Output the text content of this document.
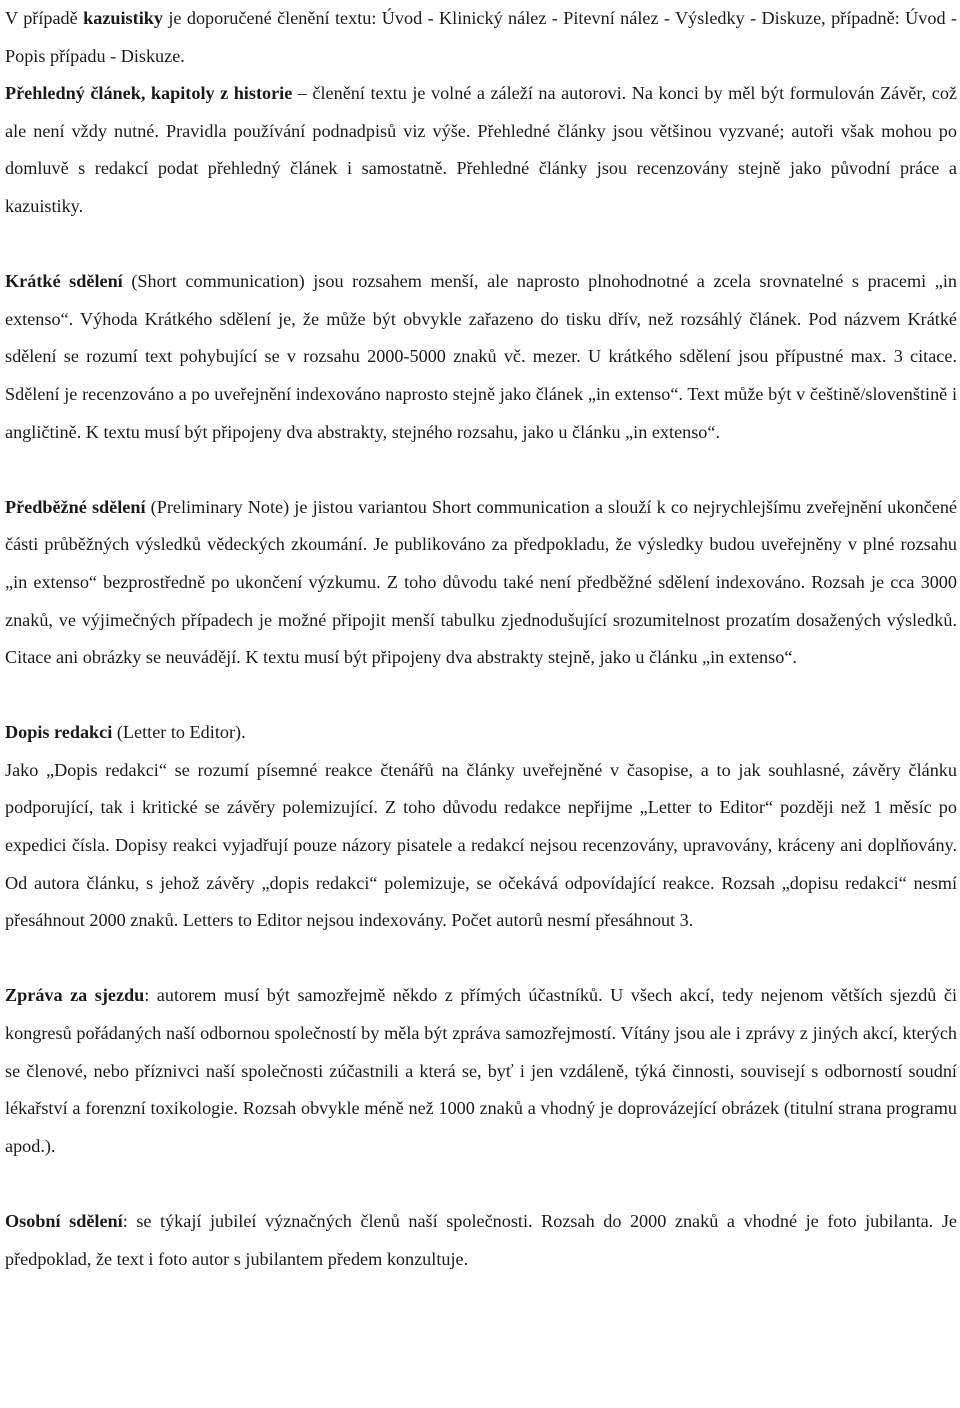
V případě kazuistiky je doporučené členění textu: Úvod - Klinický nález - Pitevní nález - Výsledky - Diskuze, případně: Úvod - Popis případu - Diskuze.

Přehledný článek, kapitoly z historie – členění textu je volné a záleží na autorovi. Na konci by měl být formulován Závěr, což ale není vždy nutné. Pravidla používání podnadpisů viz výše. Přehledné články jsou většinou vyzvané; autoři však mohou po domluvě s redakcí podat přehledný článek i samostatně. Přehledné články jsou recenzovány stejně jako původní práce a kazuistiky.

Krátké sdělení (Short communication) jsou rozsahem menší, ale naprosto plnohodnotné a zcela srovnatelné s pracemi „in extenso“. Výhoda Krátkého sdělení je, že může být obvykle zařazeno do tisku dřív, než rozsáhlý článek. Pod názvem Krátké sdělení se rozumí text pohybující se v rozsahu 2000-5000 znaků vč. mezer. U krátkého sdělení jsou přípustné max. 3 citace. Sdělení je recenzováno a po uveřejnění indexováno naprosto stejně jako článek „in extenso“. Text může být v češtině/slovenštině i angličtině. K textu musí být připojeny dva abstrakty, stejného rozsahu, jako u článku „in extenso“.

Předběžné sdělení (Preliminary Note) je jistou variantou Short communication a slouží k co nejrychlejšímu zveřejnění ukončené části průběžných výsledků vědeckých zkoumání. Je publikováno za předpokladu, že výsledky budou uveřejněny v plné rozsahu „in extenso“ bezprostředně po ukončení výzkumu. Z toho důvodu také není předběžné sdělení indexováno. Rozsah je cca 3000 znaků, ve výjimečných případech je možné připojit menší tabulku zjednodušující srozumitelnost prozatím dosažených výsledků. Citace ani obrázky se neuvádějí. K textu musí být připojeny dva abstrakty stejně, jako u článku „in extenso“.

Dopis redakci (Letter to Editor).

Jako „Dopis redakci“ se rozumí písemné reakce čtenářů na články uveřejněné v časopise, a to jak souhlasné, závěry článku podporující, tak i kritické se závěry polemizující. Z toho důvodu redakce nepřijme „Letter to Editor“ později než 1 měsíc po expedici čísla. Dopisy reakci vyjadřují pouze názory pisatele a redakcí nejsou recenzovány, upravovány, kráceny ani doplňovány. Od autora článku, s jehož závěry „dopis redakci“ polemizuje, se očekává odpovídající reakce. Rozsah „dopisu redakci“ nesmí přesáhnout 2000 znaků. Letters to Editor nejsou indexovány. Počet autorů nesmí přesáhnout 3.

Zpráva za sjezdu: autorem musí být samozřejmě někdo z přímých účastníků. U všech akcí, tedy nejenom větších sjezdů či kongresů pořádaných naší odbornou společností by měla být zpráva samozřejmostí. Vítány jsou ale i zprávy z jiných akcí, kterých se členové, nebo příznivci naší společnosti zúčastnili a která se, byť i jen vzdáleně, týká činnosti, souvisejí s odborností soudní lékařství a forenzní toxikologie. Rozsah obvykle méně než 1000 znaků a vhodný je doprovázející obrázek (titulní strana programu apod.).

Osobní sdělení: se týkají jubileí význačných členů naší společnosti. Rozsah do 2000 znaků a vhodné je foto jubilanta. Je předpoklad, že text i foto autor s jubilantem předem konzultuje.
